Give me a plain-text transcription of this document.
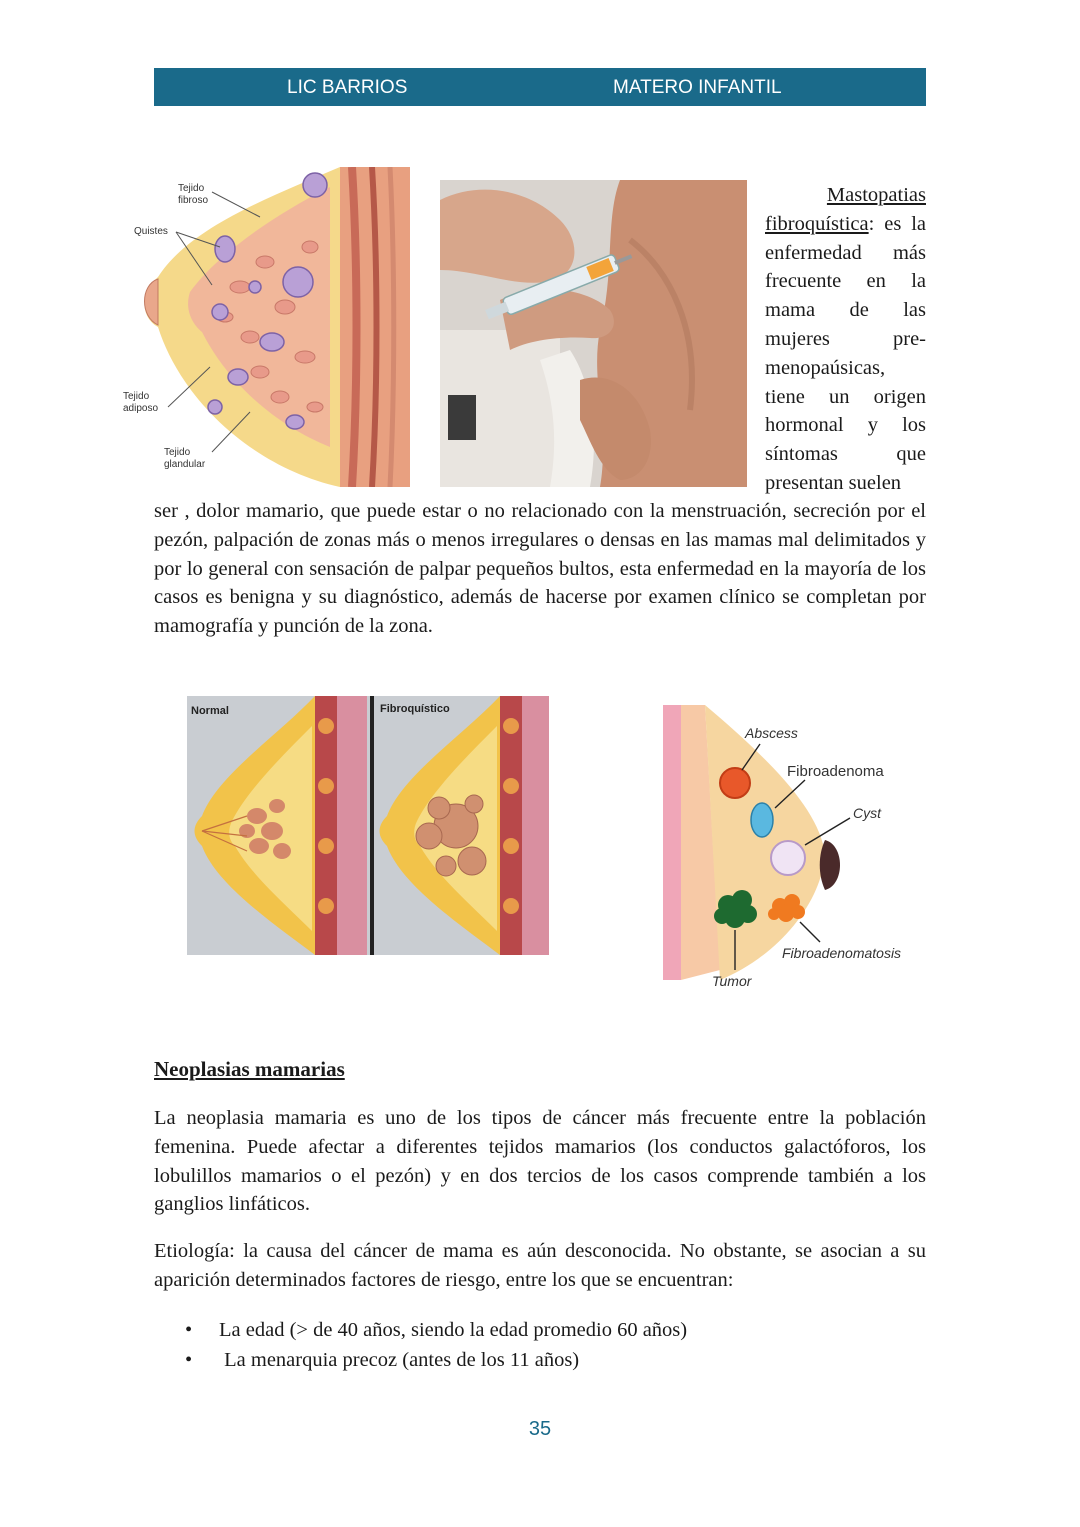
LIC BARRIOS	MATERO INFANTIL
Tejido
fibroso
Quistes
Tejido
adiposo
Tejido
glandular
Mastopatias
fibroquística: es la enfermedad más frecuente en la mama de las mujeres pre-menopaúsicas, tiene un origen hormonal y los síntomas que presentan suelen
ser , dolor mamario, que puede estar o no relacionado con la menstruación, secreción por el pezón, palpación de zonas más o menos irregulares o densas en las mamas mal delimitados y por lo general con sensación de palpar pequeños bultos, esta enfermedad en la mayoría de los casos es benigna y su diagnóstico, además de hacerse por examen clínico se completan por mamografía y punción de la zona.
Normal	Fibroquístico
Abscess
Fibroadenoma
Cyst
Fibroadenomatosis
Tumor
Neoplasias mamarias
La neoplasia mamaria es uno de los tipos de cáncer más frecuente entre la población femenina. Puede afectar a diferentes tejidos mamarios (los conductos galactóforos, los lobulillos mamarios o el pezón) y en dos tercios de los casos comprende también a los ganglios linfáticos.
Etiología: la causa del cáncer de mama es aún desconocida. No obstante, se asocian a su aparición determinados factores de riesgo, entre los que se encuentran:
•	La edad (> de 40 años, siendo la edad promedio 60 años)
•	La menarquia precoz (antes de los 11 años)
35
